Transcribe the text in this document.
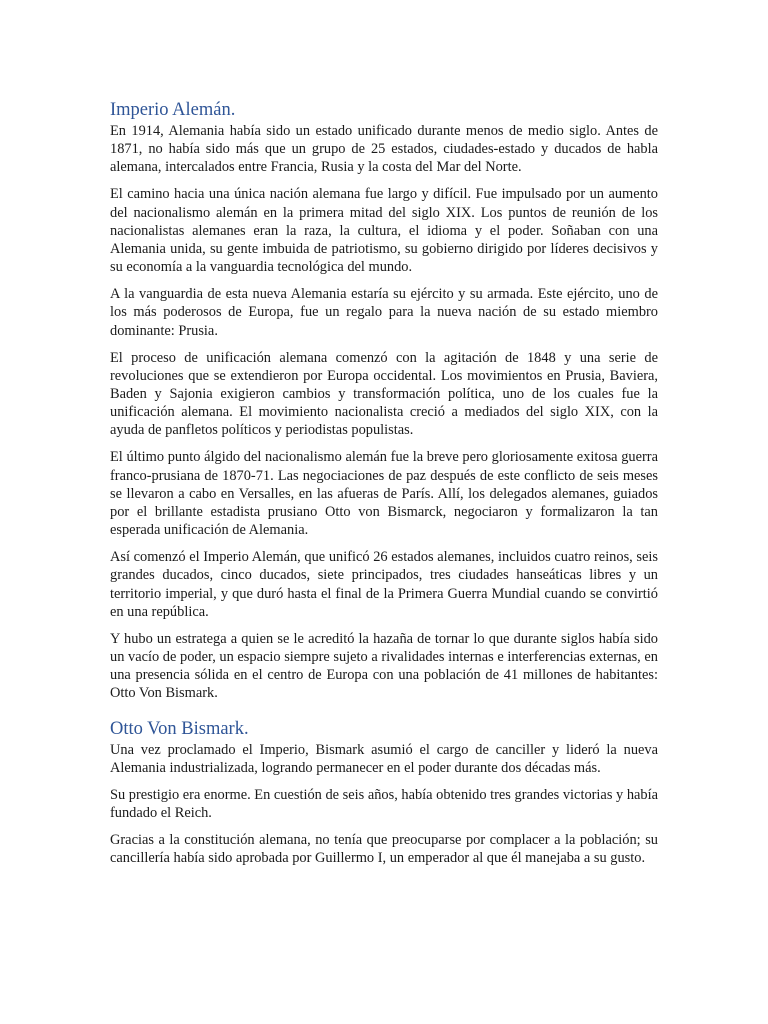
Imperio Alemán.

En 1914, Alemania había sido un estado unificado durante menos de medio siglo. Antes de 1871, no había sido más que un grupo de 25 estados, ciudades-estado y ducados de habla alemana, intercalados entre Francia, Rusia y la costa del Mar del Norte.

El camino hacia una única nación alemana fue largo y difícil. Fue impulsado por un aumento del nacionalismo alemán en la primera mitad del siglo XIX. Los puntos de reunión de los nacionalistas alemanes eran la raza, la cultura, el idioma y el poder. Soñaban con una Alemania unida, su gente imbuida de patriotismo, su gobierno dirigido por líderes decisivos y su economía a la vanguardia tecnológica del mundo.

A la vanguardia de esta nueva Alemania estaría su ejército y su armada. Este ejército, uno de los más poderosos de Europa, fue un regalo para la nueva nación de su estado miembro dominante: Prusia.

El proceso de unificación alemana comenzó con la agitación de 1848 y una serie de revoluciones que se extendieron por Europa occidental. Los movimientos en Prusia, Baviera, Baden y Sajonia exigieron cambios y transformación política, uno de los cuales fue la unificación alemana. El movimiento nacionalista creció a mediados del siglo XIX, con la ayuda de panfletos políticos y periodistas populistas.

El último punto álgido del nacionalismo alemán fue la breve pero gloriosamente exitosa guerra franco-prusiana de 1870-71. Las negociaciones de paz después de este conflicto de seis meses se llevaron a cabo en Versalles, en las afueras de París. Allí, los delegados alemanes, guiados por el brillante estadista prusiano Otto von Bismarck, negociaron y formalizaron la tan esperada unificación de Alemania.

Así comenzó el Imperio Alemán, que unificó 26 estados alemanes, incluidos cuatro reinos, seis grandes ducados, cinco ducados, siete principados, tres ciudades hanseáticas libres y un territorio imperial, y que duró hasta el final de la Primera Guerra Mundial cuando se convirtió en una república.

Y hubo un estratega a quien se le acreditó la hazaña de tornar lo que durante siglos había sido un vacío de poder, un espacio siempre sujeto a rivalidades internas e interferencias externas, en una presencia sólida en el centro de Europa con una población de 41 millones de habitantes: Otto Von Bismark.

Otto Von Bismark.

Una vez proclamado el Imperio, Bismark asumió el cargo de canciller y lideró la nueva Alemania industrializada, logrando permanecer en el poder durante dos décadas más.

Su prestigio era enorme. En cuestión de seis años, había obtenido tres grandes victorias y había fundado el Reich.

Gracias a la constitución alemana, no tenía que preocuparse por complacer a la población; su cancillería había sido aprobada por Guillermo I, un emperador al que él manejaba a su gusto.
